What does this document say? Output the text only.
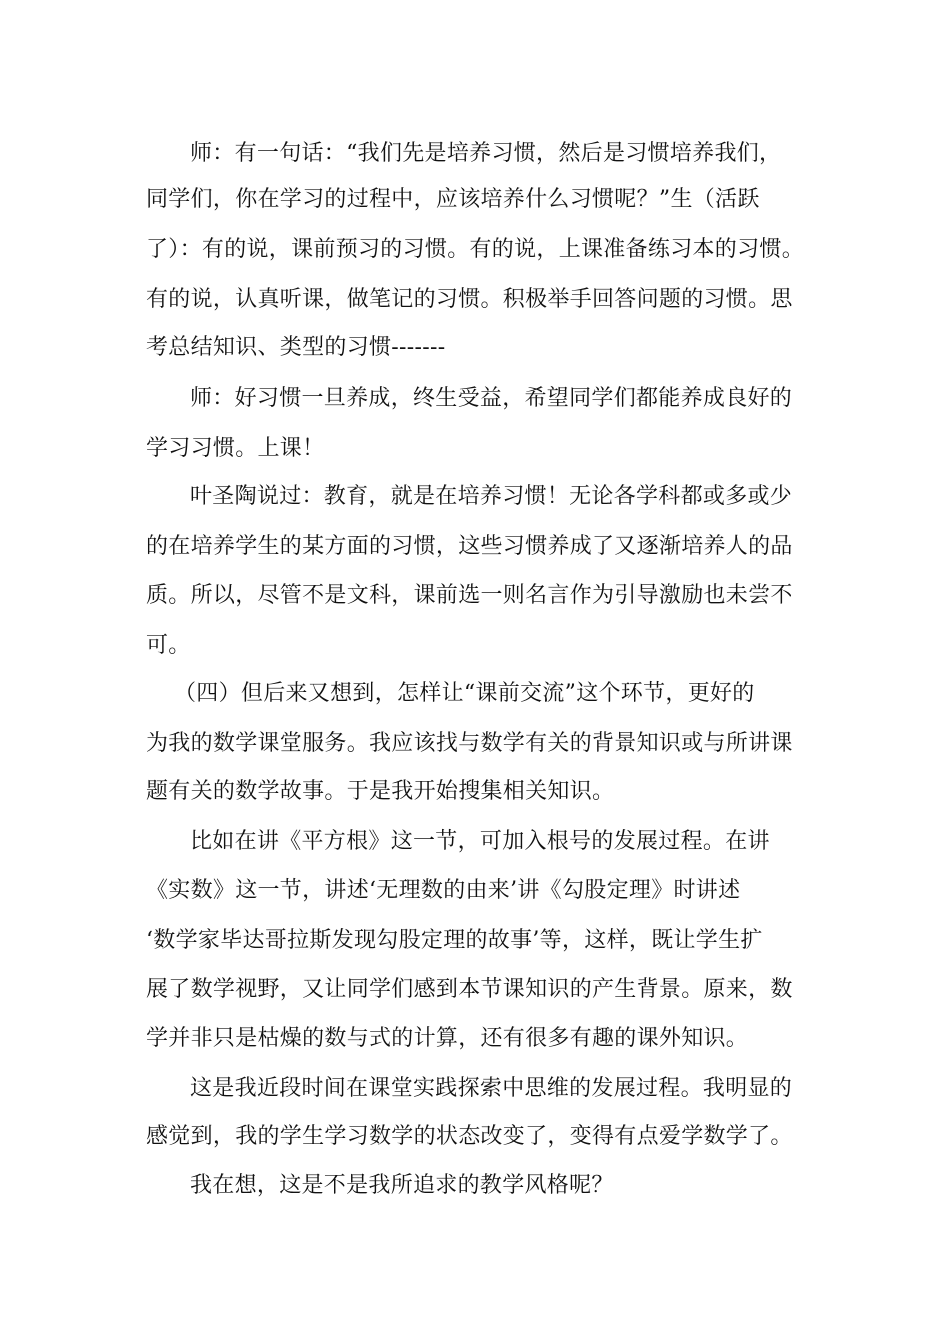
师：有一句话：“我们先是培养习惯，然后是习惯培养我们，
同学们，你在学习的过程中，应该培养什么习惯呢？”生（活跃
了）：有的说，课前预习的习惯。有的说，上课准备练习本的习惯。
有的说，认真听课，做笔记的习惯。积极举手回答问题的习惯。思
考总结知识、类型的习惯-------
师：好习惯一旦养成，终生受益，希望同学们都能养成良好的
学习习惯。上课！
叶圣陶说过：教育，就是在培养习惯！无论各学科都或多或少
的在培养学生的某方面的习惯，这些习惯养成了又逐渐培养人的品
质。所以，尽管不是文科，课前选一则名言作为引导激励也未尝不
可。
（四）但后来又想到，怎样让“课前交流”这个环节，更好的
为我的数学课堂服务。我应该找与数学有关的背景知识或与所讲课
题有关的数学故事。于是我开始搜集相关知识。
比如在讲《平方根》这一节，可加入根号的发展过程。在讲
《实数》这一节，讲述‘无理数的由来’讲《勾股定理》时讲述
‘数学家毕达哥拉斯发现勾股定理的故事’等，这样，既让学生扩
展了数学视野，又让同学们感到本节课知识的产生背景。原来，数
学并非只是枯燥的数与式的计算，还有很多有趣的课外知识。
这是我近段时间在课堂实践探索中思维的发展过程。我明显的
感觉到，我的学生学习数学的状态改变了，变得有点爱学数学了。
我在想，这是不是我所追求的教学风格呢？
